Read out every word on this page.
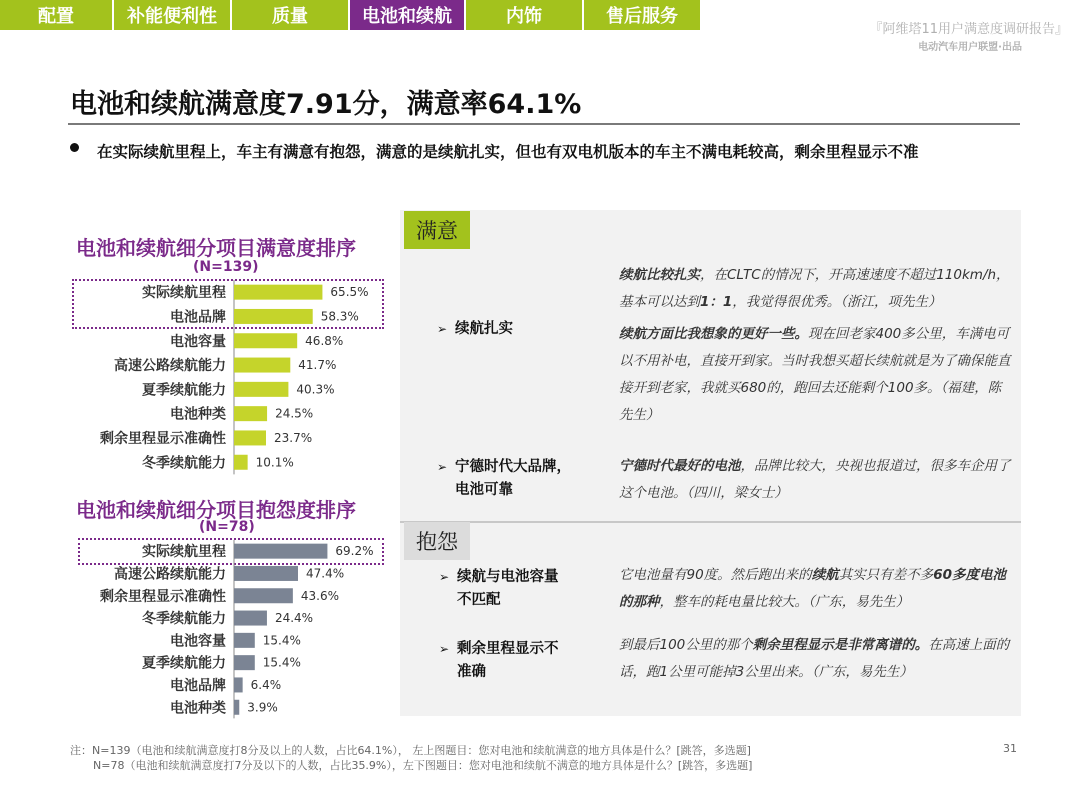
配置	补能便利性	质量	电池和续航	内饰	售后服务
『阿维塔11用户满意度调研报告』
电动汽车用户联盟·出品
电池和续航满意度7.91分，满意率64.1%
在实际续航里程上，车主有满意有抱怨，满意的是续航扎实，但也有双电机版本的车主不满电耗较高，剩余里程显示不准
电池和续航细分项目满意度排序
(N=139)
实际续航里程	65.5%
电池品牌	58.3%
电池容量	46.8%
高速公路续航能力	41.7%
夏季续航能力	40.3%
电池种类	24.5%
剩余里程显示准确性	23.7%
冬季续航能力 10.1%
电池和续航细分项目抱怨度排序
(N=78)
实际续航里程	69.2%
高速公路续航能力	47.4%
剩余里程显示准确性	43.6%
冬季续航能力	24.4%
电池容量	15.4%
夏季续航能力	15.4%
电池品牌 6.4%
电池种类 3.9%
满意
抱怨
➢ 续航扎实
➢ 宁德时代大品牌，
电池可靠
➢ 续航与电池容量
不匹配
➢ 剩余里程显示不
准确
续航比较扎实，在CLTC的情况下，开高速速度不超过110km/h，基本可以达到1：1，我觉得很优秀。（浙江，项先生）
续航方面比我想象的更好一些。现在回老家400多公里，车满电可以不用补电，直接开到家。当时我想买超长续航就是为了确保能直接开到老家，我就买680的，跑回去还能剩个100多。（福建，陈先生）
宁德时代最好的电池，品牌比较大，央视也报道过，很多车企用了这个电池。（四川，梁女士）
它电池量有90度。然后跑出来的续航其实只有差不多60多度电池的那种，整车的耗电量比较大。（广东，易先生）
到最后100公里的那个剩余里程显示是非常离谱的。在高速上面的话，跑1公里可能掉3公里出来。（广东，易先生）
注：N=139（电池和续航满意度打8分及以上的人数，占比64.1%）， 左上图题目：您对电池和续航满意的地方具体是什么？[跳答，多选题]
N=78（电池和续航满意度打7分及以下的人数，占比35.9%），左下图题目：您对电池和续航不满意的地方具体是什么？[跳答，多选题]
31
